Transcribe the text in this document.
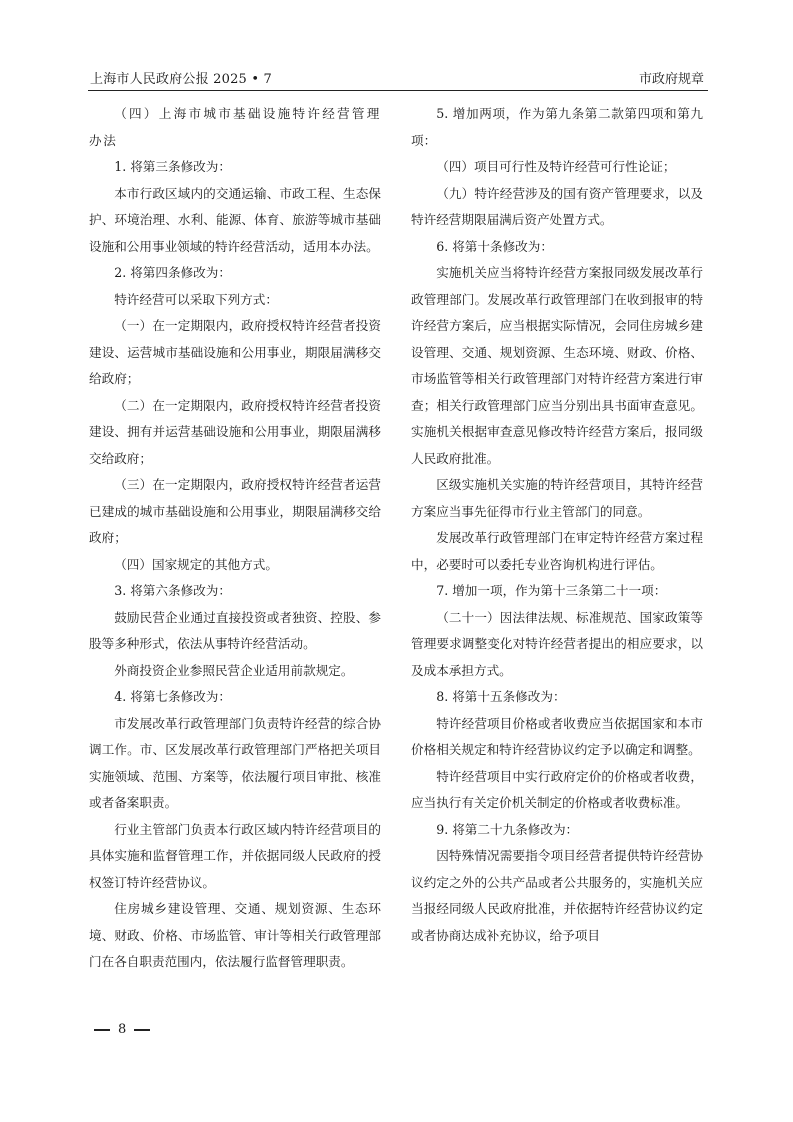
上海市人民政府公报 2025 • 7	市政府规章

（四）上海市城市基础设施特许经营管理办法

1. 将第三条修改为：

本市行政区域内的交通运输、市政工程、生态保护、环境治理、水利、能源、体育、旅游等城市基础设施和公用事业领域的特许经营活动，适用本办法。

2. 将第四条修改为：

特许经营可以采取下列方式：

（一）在一定期限内，政府授权特许经营者投资建设、运营城市基础设施和公用事业，期限届满移交给政府；

（二）在一定期限内，政府授权特许经营者投资建设、拥有并运营基础设施和公用事业，期限届满移交给政府；

（三）在一定期限内，政府授权特许经营者运营已建成的城市基础设施和公用事业，期限届满移交给政府；

（四）国家规定的其他方式。

3. 将第六条修改为：

鼓励民营企业通过直接投资或者独资、控股、参股等多种形式，依法从事特许经营活动。

外商投资企业参照民营企业适用前款规定。

4. 将第七条修改为：

市发展改革行政管理部门负责特许经营的综合协调工作。市、区发展改革行政管理部门严格把关项目实施领域、范围、方案等，依法履行项目审批、核准或者备案职责。

行业主管部门负责本行政区域内特许经营项目的具体实施和监督管理工作，并依据同级人民政府的授权签订特许经营协议。

住房城乡建设管理、交通、规划资源、生态环境、财政、价格、市场监管、审计等相关行政管理部门在各自职责范围内，依法履行监督管理职责。

5. 增加两项，作为第九条第二款第四项和第九项：

（四）项目可行性及特许经营可行性论证；

（九）特许经营涉及的国有资产管理要求，以及特许经营期限届满后资产处置方式。

6. 将第十条修改为：

实施机关应当将特许经营方案报同级发展改革行政管理部门。发展改革行政管理部门在收到报审的特许经营方案后，应当根据实际情况，会同住房城乡建设管理、交通、规划资源、生态环境、财政、价格、市场监管等相关行政管理部门对特许经营方案进行审查；相关行政管理部门应当分别出具书面审查意见。实施机关根据审查意见修改特许经营方案后，报同级人民政府批准。

区级实施机关实施的特许经营项目，其特许经营方案应当事先征得市行业主管部门的同意。

发展改革行政管理部门在审定特许经营方案过程中，必要时可以委托专业咨询机构进行评估。

7. 增加一项，作为第十三条第二十一项：

（二十一）因法律法规、标准规范、国家政策等管理要求调整变化对特许经营者提出的相应要求，以及成本承担方式。

8. 将第十五条修改为：

特许经营项目价格或者收费应当依据国家和本市价格相关规定和特许经营协议约定予以确定和调整。

特许经营项目中实行政府定价的价格或者收费，应当执行有关定价机关制定的价格或者收费标准。

9. 将第二十九条修改为：

因特殊情况需要指令项目经营者提供特许经营协议约定之外的公共产品或者公共服务的，实施机关应当报经同级人民政府批准，并依据特许经营协议约定或者协商达成补充协议，给予项目

8
